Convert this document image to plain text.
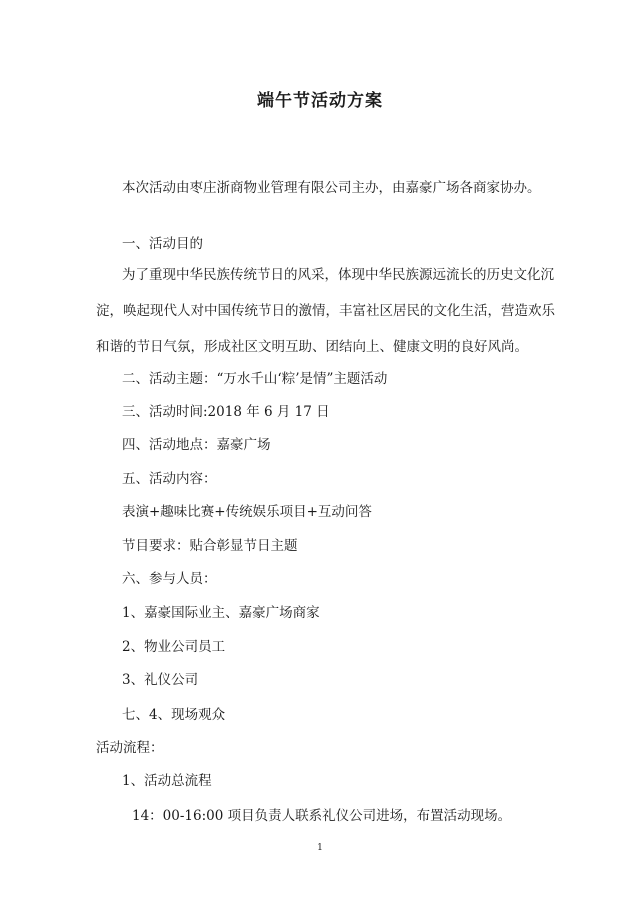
端午节活动方案
本次活动由枣庄浙商物业管理有限公司主办，由嘉豪广场各商家协办。
一、活动目的
为了重现中华民族传统节日的风采，体现中华民族源远流长的历史文化沉
淀，唤起现代人对中国传统节日的激情，丰富社区居民的文化生活，营造欢乐
和谐的节日气氛，形成社区文明互助、团结向上、健康文明的良好风尚。
二、活动主题：“万水千山‘粽’是情”主题活动
三、活动时间:2018 年 6 月 17 日
四、活动地点：嘉豪广场
五、活动内容：
表演+趣味比赛+传统娱乐项目+互动问答
节目要求：贴合彰显节日主题
六、参与人员：
1、嘉豪国际业主、嘉豪广场商家
2、物业公司员工
3、礼仪公司
七、4、现场观众
活动流程：
1、活动总流程
14：00-16:00 项目负责人联系礼仪公司进场，布置活动现场。
1
